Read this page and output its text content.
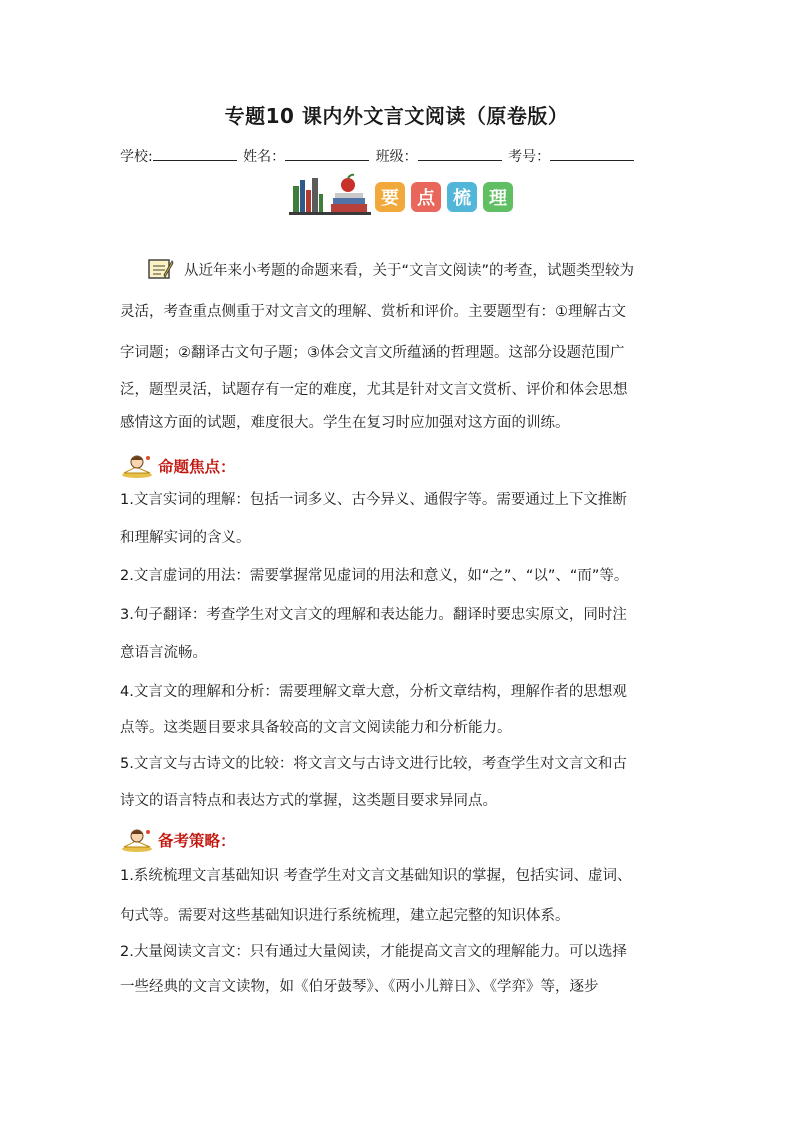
专题10 课内外文言文阅读（原卷版）
学校:	姓名：	班级：	考号：
要	点	梳	理
从近年来小考题的命题来看，关于“文言文阅读”的考查，试题类型较为
灵活，考查重点侧重于对文言文的理解、赏析和评价。主要题型有：①理解古文
字词题；②翻译古文句子题；③体会文言文所蕴涵的哲理题。这部分设题范围广
泛，题型灵活，试题存有一定的难度，尤其是针对文言文赏析、评价和体会思想
感情这方面的试题，难度很大。学生在复习时应加强对这方面的训练。
命题焦点：
1.文言实词的理解：包括一词多义、古今异义、通假字等。需要通过上下文推断
和理解实词的含义。
2.文言虚词的用法：需要掌握常见虚词的用法和意义，如“之”、“以”、“而”等。
3.句子翻译：考查学生对文言文的理解和表达能力。翻译时要忠实原文，同时注
意语言流畅。
4.文言文的理解和分析：需要理解文章大意，分析文章结构，理解作者的思想观
点等。这类题目要求具备较高的文言文阅读能力和分析能力。
5.文言文与古诗文的比较：将文言文与古诗文进行比较，考查学生对文言文和古
诗文的语言特点和表达方式的掌握，这类题目要求异同点。
备考策略：
1.系统梳理文言基础知识 考查学生对文言文基础知识的掌握，包括实词、虚词、
句式等。需要对这些基础知识进行系统梳理，建立起完整的知识体系。
2.大量阅读文言文：只有通过大量阅读，才能提高文言文的理解能力。可以选择
一些经典的文言文读物，如《伯牙鼓琴》、《两小儿辩日》、《学弈》等，逐步
